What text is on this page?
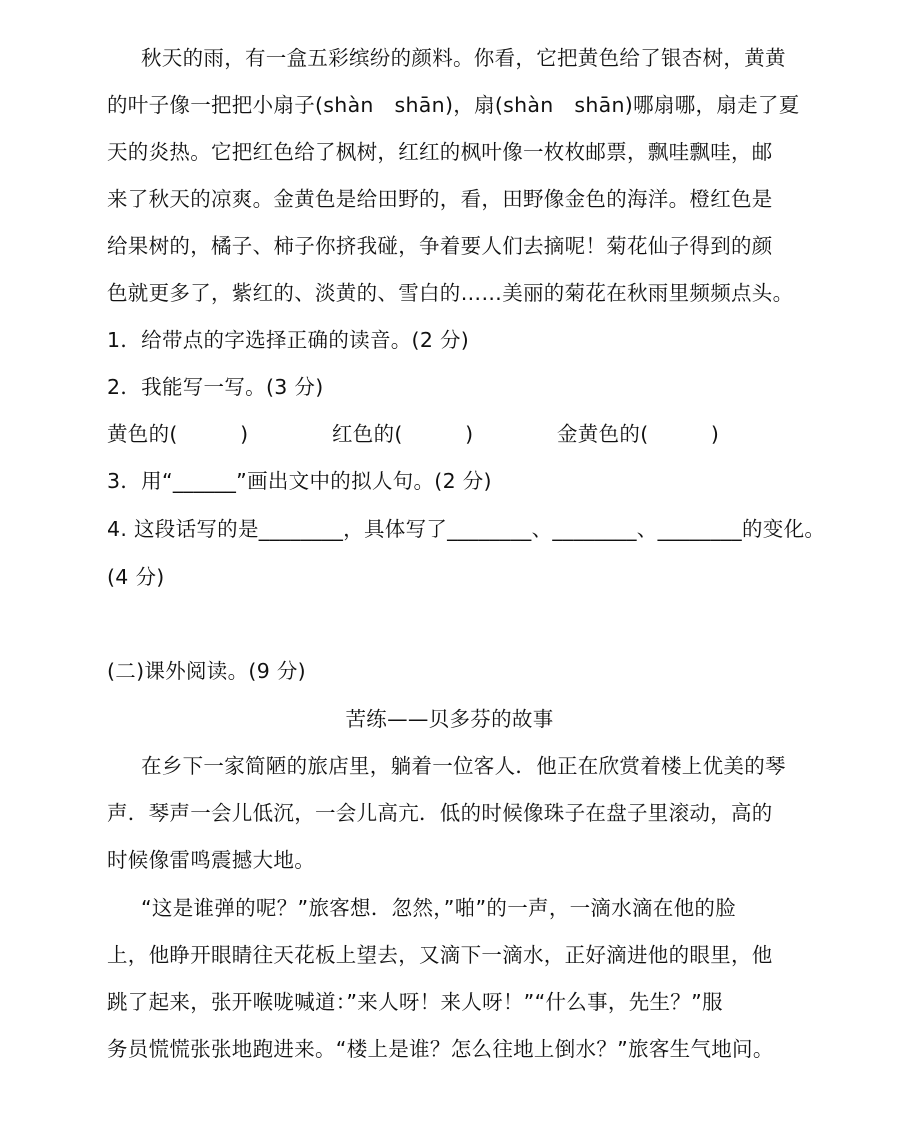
秋天的雨，有一盒五彩缤纷的颜料。你看，它把黄色给了银杏树，黄黄
的叶子像一把把小扇子(shàn　shān)，扇(shàn　shān)哪扇哪，扇走了夏
天的炎热。它把红色给了枫树，红红的枫叶像一枚枚邮票，飘哇飘哇，邮
来了秋天的凉爽。金黄色是给田野的，看，田野像金色的海洋。橙红色是
给果树的，橘子、柿子你挤我碰，争着要人们去摘呢！菊花仙子得到的颜
色就更多了，紫红的、淡黄的、雪白的……美丽的菊花在秋雨里频频点头。
1．给带点的字选择正确的读音。(2 分)
2．我能写一写。(3 分)
黄色的(　　　)	红色的(　　　)	金黄色的(　　　)
3．用“______”画出文中的拟人句。(2 分)
4. 这段话写的是________，具体写了________、________、________的变化。
(4 分)
(二)课外阅读。(9 分)
苦练——贝多芬的故事
在乡下一家简陋的旅店里，躺着一位客人．他正在欣赏着楼上优美的琴
声．琴声一会儿低沉，一会儿高亢．低的时候像珠子在盘子里滚动，高的
时候像雷鸣震撼大地。
“这是谁弹的呢？”旅客想．忽然，”啪”的一声，一滴水滴在他的脸
上，他睁开眼睛往天花板上望去，又滴下一滴水，正好滴进他的眼里，他
跳了起来，张开喉咙喊道：”来人呀！来人呀！”“什么事，先生？”服
务员慌慌张张地跑进来。“楼上是谁？怎么往地上倒水？”旅客生气地问。
